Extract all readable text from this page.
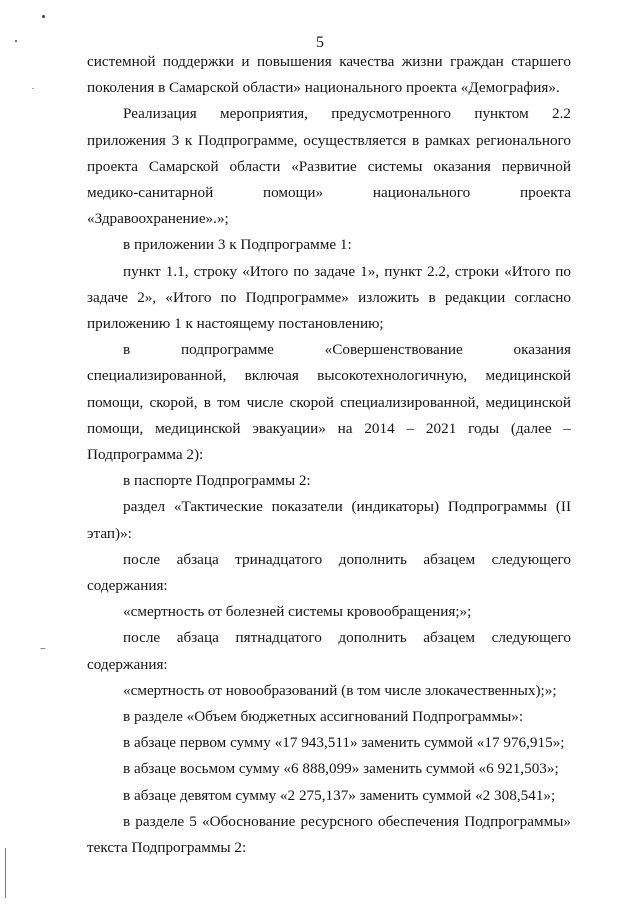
5

системной поддержки и повышения качества жизни граждан старшего поколения в Самарской области» национального проекта «Демография».

Реализация мероприятия, предусмотренного пунктом 2.2 приложения 3 к Подпрограмме, осуществляется в рамках регионального проекта Самарской области «Развитие системы оказания первичной медико-санитарной помощи» национального проекта «Здравоохранение».»;

в приложении 3 к Подпрограмме 1:

пункт 1.1, строку «Итого по задаче 1», пункт 2.2, строки «Итого по задаче 2», «Итого по Подпрограмме» изложить в редакции согласно приложению 1 к настоящему постановлению;

в подпрограмме «Совершенствование оказания специализированной, включая высокотехнологичную, медицинской помощи, скорой, в том числе скорой специализированной, медицинской помощи, медицинской эвакуации» на 2014 – 2021 годы (далее – Подпрограмма 2):

в паспорте Подпрограммы 2:

раздел «Тактические показатели (индикаторы) Подпрограммы (II этап)»:

после абзаца тринадцатого дополнить абзацем следующего содержания:

«смертность от болезней системы кровообращения;»;

после абзаца пятнадцатого дополнить абзацем следующего содержания:

«смертность от новообразований (в том числе злокачественных);»;

в разделе «Объем бюджетных ассигнований Подпрограммы»:

в абзаце первом сумму «17 943,511» заменить суммой «17 976,915»;

в абзаце восьмом сумму «6 888,099» заменить суммой «6 921,503»;

в абзаце девятом сумму «2 275,137» заменить суммой «2 308,541»;

в разделе 5 «Обоснование ресурсного обеспечения Подпрограммы» текста Подпрограммы 2:
